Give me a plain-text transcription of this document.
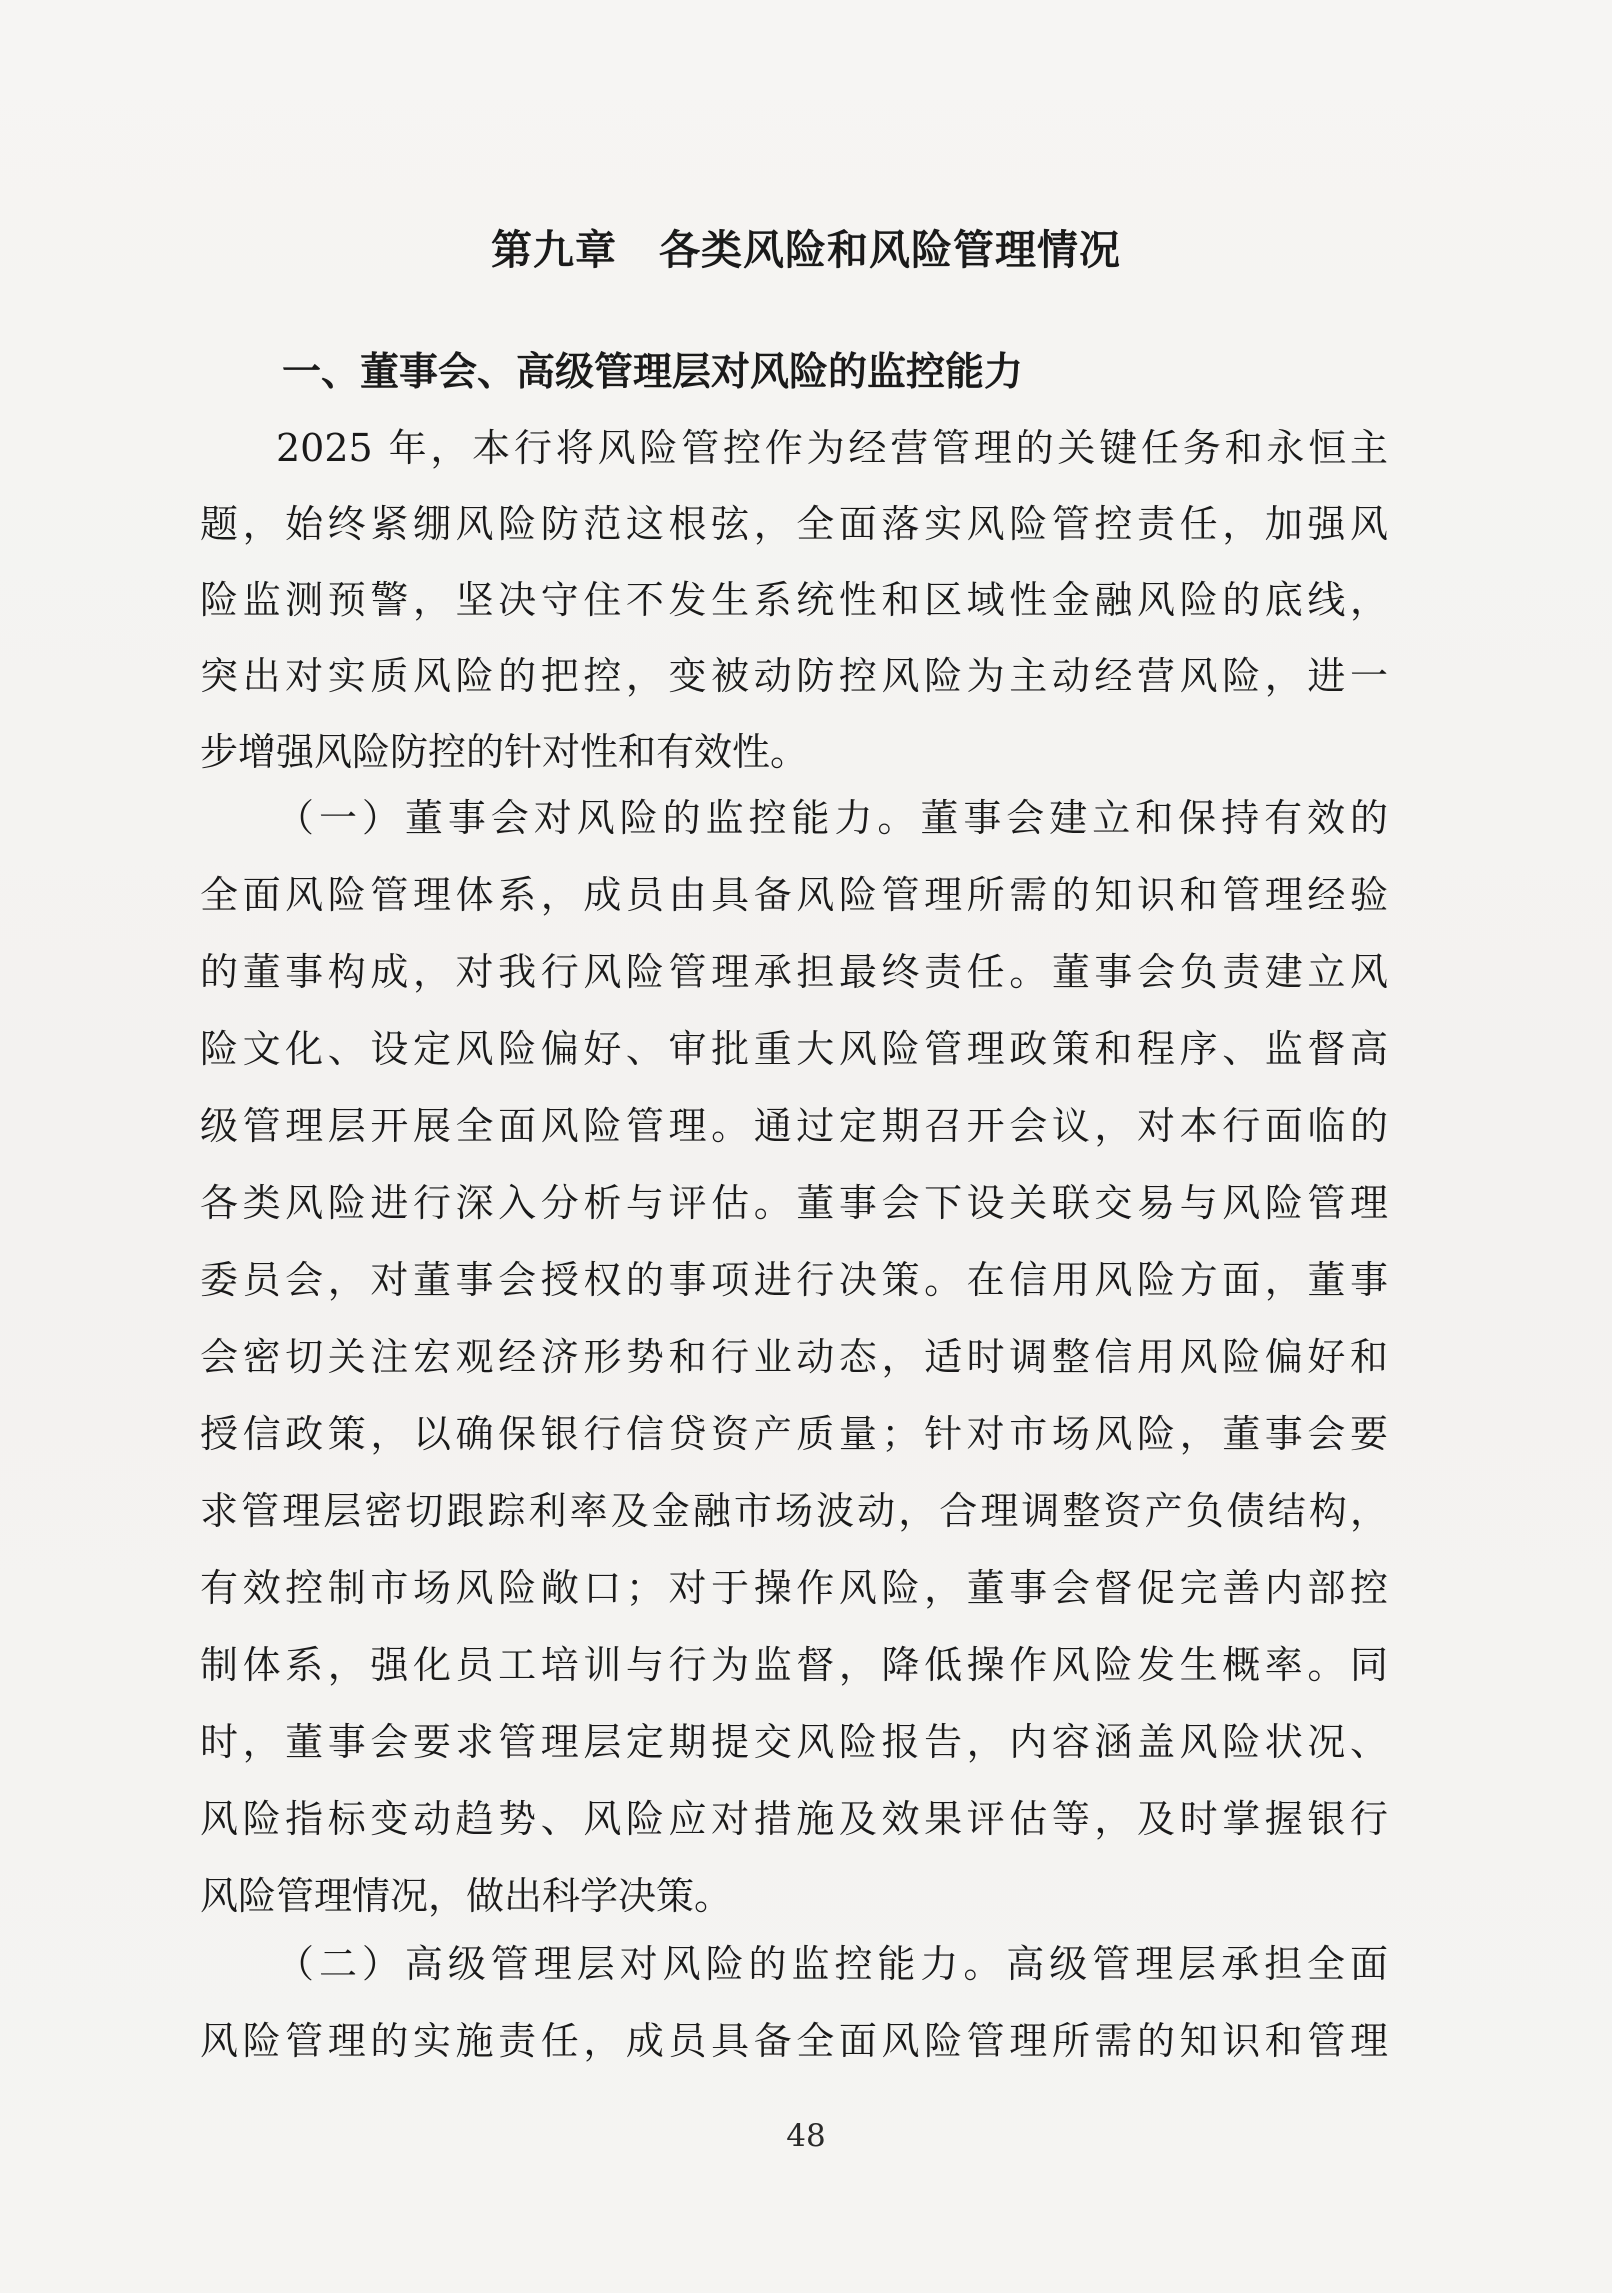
第九章　各类风险和风险管理情况
一、董事会、高级管理层对风险的监控能力
2025 年，本行将风险管控作为经营管理的关键任务和永恒主
题，始终紧绷风险防范这根弦，全面落实风险管控责任，加强风
险监测预警，坚决守住不发生系统性和区域性金融风险的底线，
突出对实质风险的把控，变被动防控风险为主动经营风险，进一
步增强风险防控的针对性和有效性。
（一）董事会对风险的监控能力。董事会建立和保持有效的
全面风险管理体系，成员由具备风险管理所需的知识和管理经验
的董事构成，对我行风险管理承担最终责任。董事会负责建立风
险文化、设定风险偏好、审批重大风险管理政策和程序、监督高
级管理层开展全面风险管理。通过定期召开会议，对本行面临的
各类风险进行深入分析与评估。董事会下设关联交易与风险管理
委员会，对董事会授权的事项进行决策。在信用风险方面，董事
会密切关注宏观经济形势和行业动态，适时调整信用风险偏好和
授信政策，以确保银行信贷资产质量；针对市场风险，董事会要
求管理层密切跟踪利率及金融市场波动，合理调整资产负债结构，
有效控制市场风险敞口；对于操作风险，董事会督促完善内部控
制体系，强化员工培训与行为监督，降低操作风险发生概率。同
时，董事会要求管理层定期提交风险报告，内容涵盖风险状况、
风险指标变动趋势、风险应对措施及效果评估等，及时掌握银行
风险管理情况，做出科学决策。
（二）高级管理层对风险的监控能力。高级管理层承担全面
风险管理的实施责任，成员具备全面风险管理所需的知识和管理
48
